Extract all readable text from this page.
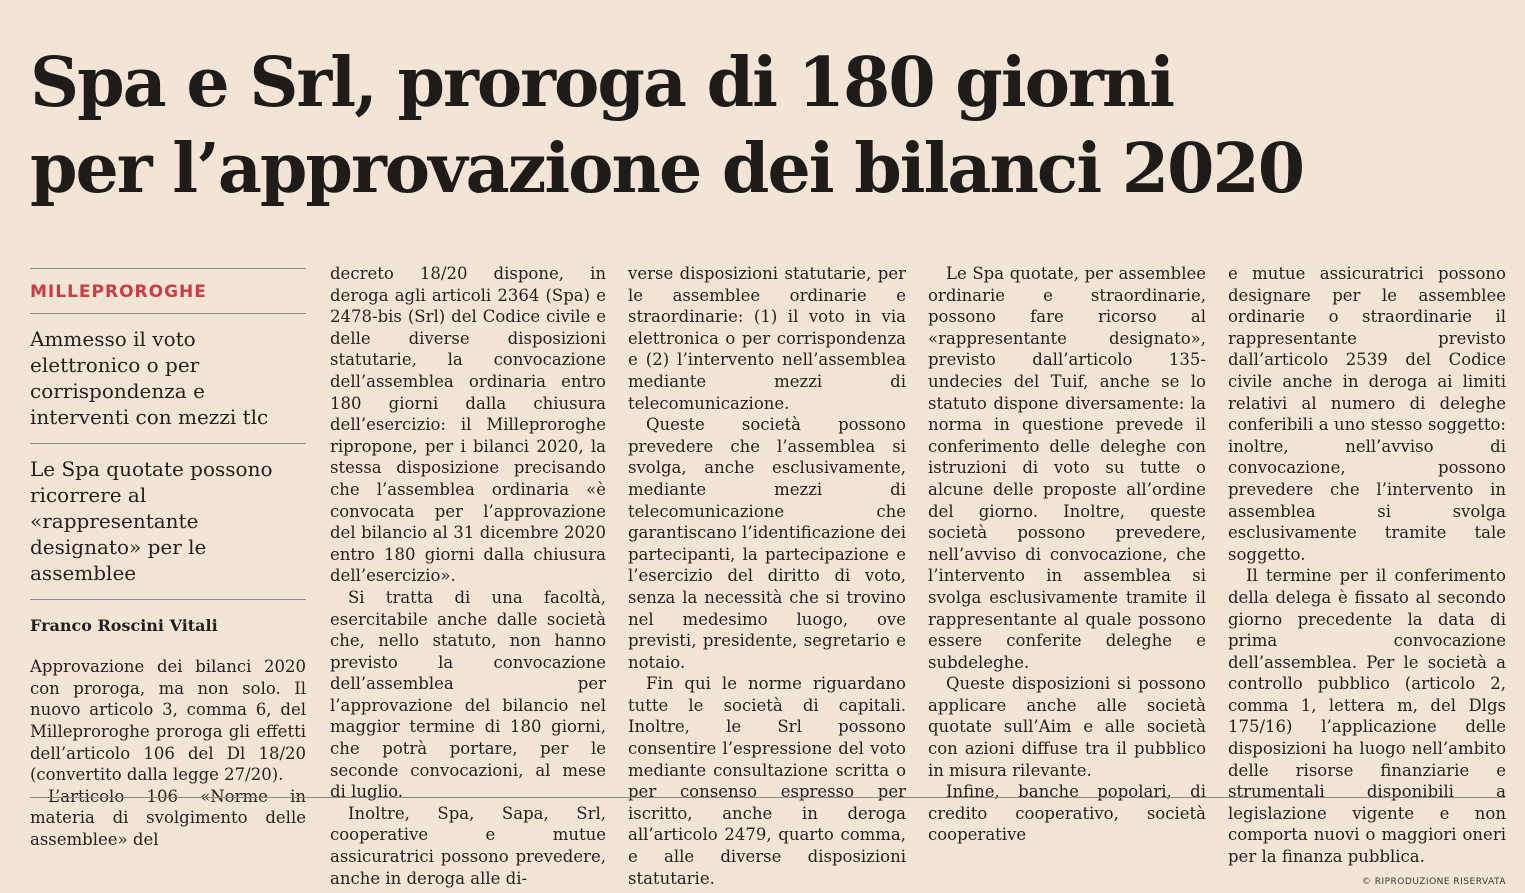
Spa e Srl, proroga di 180 giorni
per l’approvazione dei bilanci 2020
MILLEPROROGHE
Ammesso il voto elettronico o per corrispondenza e interventi con mezzi tlc
Le Spa quotate possono ricorrere al «rappresentante designato» per le assemblee
Franco Roscini Vitali

Approvazione dei bilanci 2020 con proroga, ma non solo. Il nuovo articolo 3, comma 6, del Milleproroghe proroga gli effetti dell’articolo 106 del Dl 18/20 (convertito dalla legge 27/20).

L’articolo 106 «Norme in materia di svolgimento delle assemblee» del

decreto 18/20 dispone, in deroga agli articoli 2364 (Spa) e 2478-bis (Srl) del Codice civile e delle diverse disposizioni statutarie, la convocazione dell’assemblea ordinaria entro 180 giorni dalla chiusura dell’esercizio: il Milleproroghe ripropone, per i bilanci 2020, la stessa disposizione precisando che l’assemblea ordinaria «è convocata per l’approvazione del bilancio al 31 dicembre 2020 entro 180 giorni dalla chiusura dell’esercizio».

Si tratta di una facoltà, esercitabile anche dalle società che, nello statuto, non hanno previsto la convocazione dell’assemblea per l’approvazione del bilancio nel maggior termine di 180 giorni, che potrà portare, per le seconde convocazioni, al mese di luglio.

Inoltre, Spa, Sapa, Srl, cooperative e mutue assicuratrici possono prevedere, anche in deroga alle di-

verse disposizioni statutarie, per le assemblee ordinarie e straordinarie: (1) il voto in via elettronica o per corrispondenza e (2) l’intervento nell’assemblea mediante mezzi di telecomunicazione.

Queste società possono prevedere che l’assemblea si svolga, anche esclusivamente, mediante mezzi di telecomunicazione che garantiscano l’identificazione dei partecipanti, la partecipazione e l’esercizio del diritto di voto, senza la necessità che si trovino nel medesimo luogo, ove previsti, presidente, segretario e notaio.

Fin qui le norme riguardano tutte le società di capitali. Inoltre, le Srl possono consentire l’espressione del voto mediante consultazione scritta o per consenso espresso per iscritto, anche in deroga all’articolo 2479, quarto comma, e alle diverse disposizioni statutarie.

Le Spa quotate, per assemblee ordinarie e straordinarie, possono fare ricorso al «rappresentante designato», previsto dall’articolo 135-undecies del Tuif, anche se lo statuto dispone diversamente: la norma in questione prevede il conferimento delle deleghe con istruzioni di voto su tutte o alcune delle proposte all’ordine del giorno. Inoltre, queste società possono prevedere, nell’avviso di convocazione, che l’intervento in assemblea si svolga esclusivamente tramite il rappresentante al quale possono essere conferite deleghe e subdeleghe.

Queste disposizioni si possono applicare anche alle società quotate sull’Aim e alle società con azioni diffuse tra il pubblico in misura rilevante.

Infine, banche popolari, di credito cooperativo, società cooperative

e mutue assicuratrici possono designare per le assemblee ordinarie o straordinarie il rappresentante previsto dall’articolo 2539 del Codice civile anche in deroga ai limiti relativi al numero di deleghe conferibili a uno stesso soggetto: inoltre, nell’avviso di convocazione, possono prevedere che l’intervento in assemblea si svolga esclusivamente tramite tale soggetto.

Il termine per il conferimento della delega è fissato al secondo giorno precedente la data di prima convocazione dell’assemblea. Per le società a controllo pubblico (articolo 2, comma 1, lettera m, del Dlgs 175/16) l’applicazione delle disposizioni ha luogo nell’ambito delle risorse finanziarie e strumentali disponibili a legislazione vigente e non comporta nuovi o maggiori oneri per la finanza pubblica.

© RIPRODUZIONE RISERVATA
